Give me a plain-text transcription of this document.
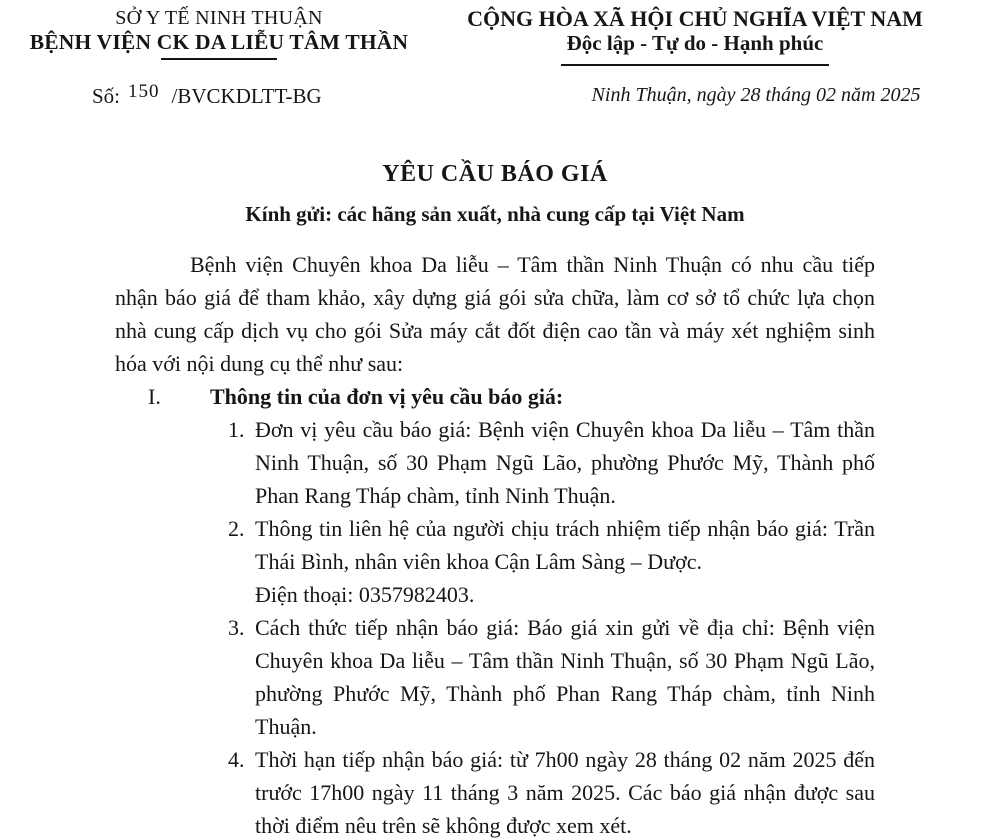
SỞ Y TẾ NINH THUẬN
BỆNH VIỆN CK DA LIỄU TÂM THẦN
Số: 150 /BVCKDLTT-BG
CỘNG HÒA XÃ HỘI CHỦ NGHĨA VIỆT NAM
Độc lập - Tự do - Hạnh phúc
Ninh Thuận, ngày 28 tháng 02 năm 2025
YÊU CẦU BÁO GIÁ
Kính gửi: các hãng sản xuất, nhà cung cấp tại Việt Nam
Bệnh viện Chuyên khoa Da liễu – Tâm thần Ninh Thuận có nhu cầu tiếp nhận báo giá để tham khảo, xây dựng giá gói sửa chữa, làm cơ sở tổ chức lựa chọn nhà cung cấp dịch vụ cho gói Sửa máy cắt đốt điện cao tần và máy xét nghiệm sinh hóa với nội dung cụ thể như sau:
I.	Thông tin của đơn vị yêu cầu báo giá:
1. Đơn vị yêu cầu báo giá: Bệnh viện Chuyên khoa Da liễu – Tâm thần Ninh Thuận, số 30 Phạm Ngũ Lão, phường Phước Mỹ, Thành phố Phan Rang Tháp chàm, tỉnh Ninh Thuận.
2. Thông tin liên hệ của người chịu trách nhiệm tiếp nhận báo giá: Trần Thái Bình, nhân viên khoa Cận Lâm Sàng – Dược.
Điện thoại: 0357982403.
3. Cách thức tiếp nhận báo giá: Báo giá xin gửi về địa chỉ: Bệnh viện Chuyên khoa Da liễu – Tâm thần Ninh Thuận, số 30 Phạm Ngũ Lão, phường Phước Mỹ, Thành phố Phan Rang Tháp chàm, tỉnh Ninh Thuận.
4. Thời hạn tiếp nhận báo giá: từ 7h00 ngày 28 tháng 02 năm 2025 đến trước 17h00 ngày 11 tháng 3 năm 2025. Các báo giá nhận được sau thời điểm nêu trên sẽ không được xem xét.
